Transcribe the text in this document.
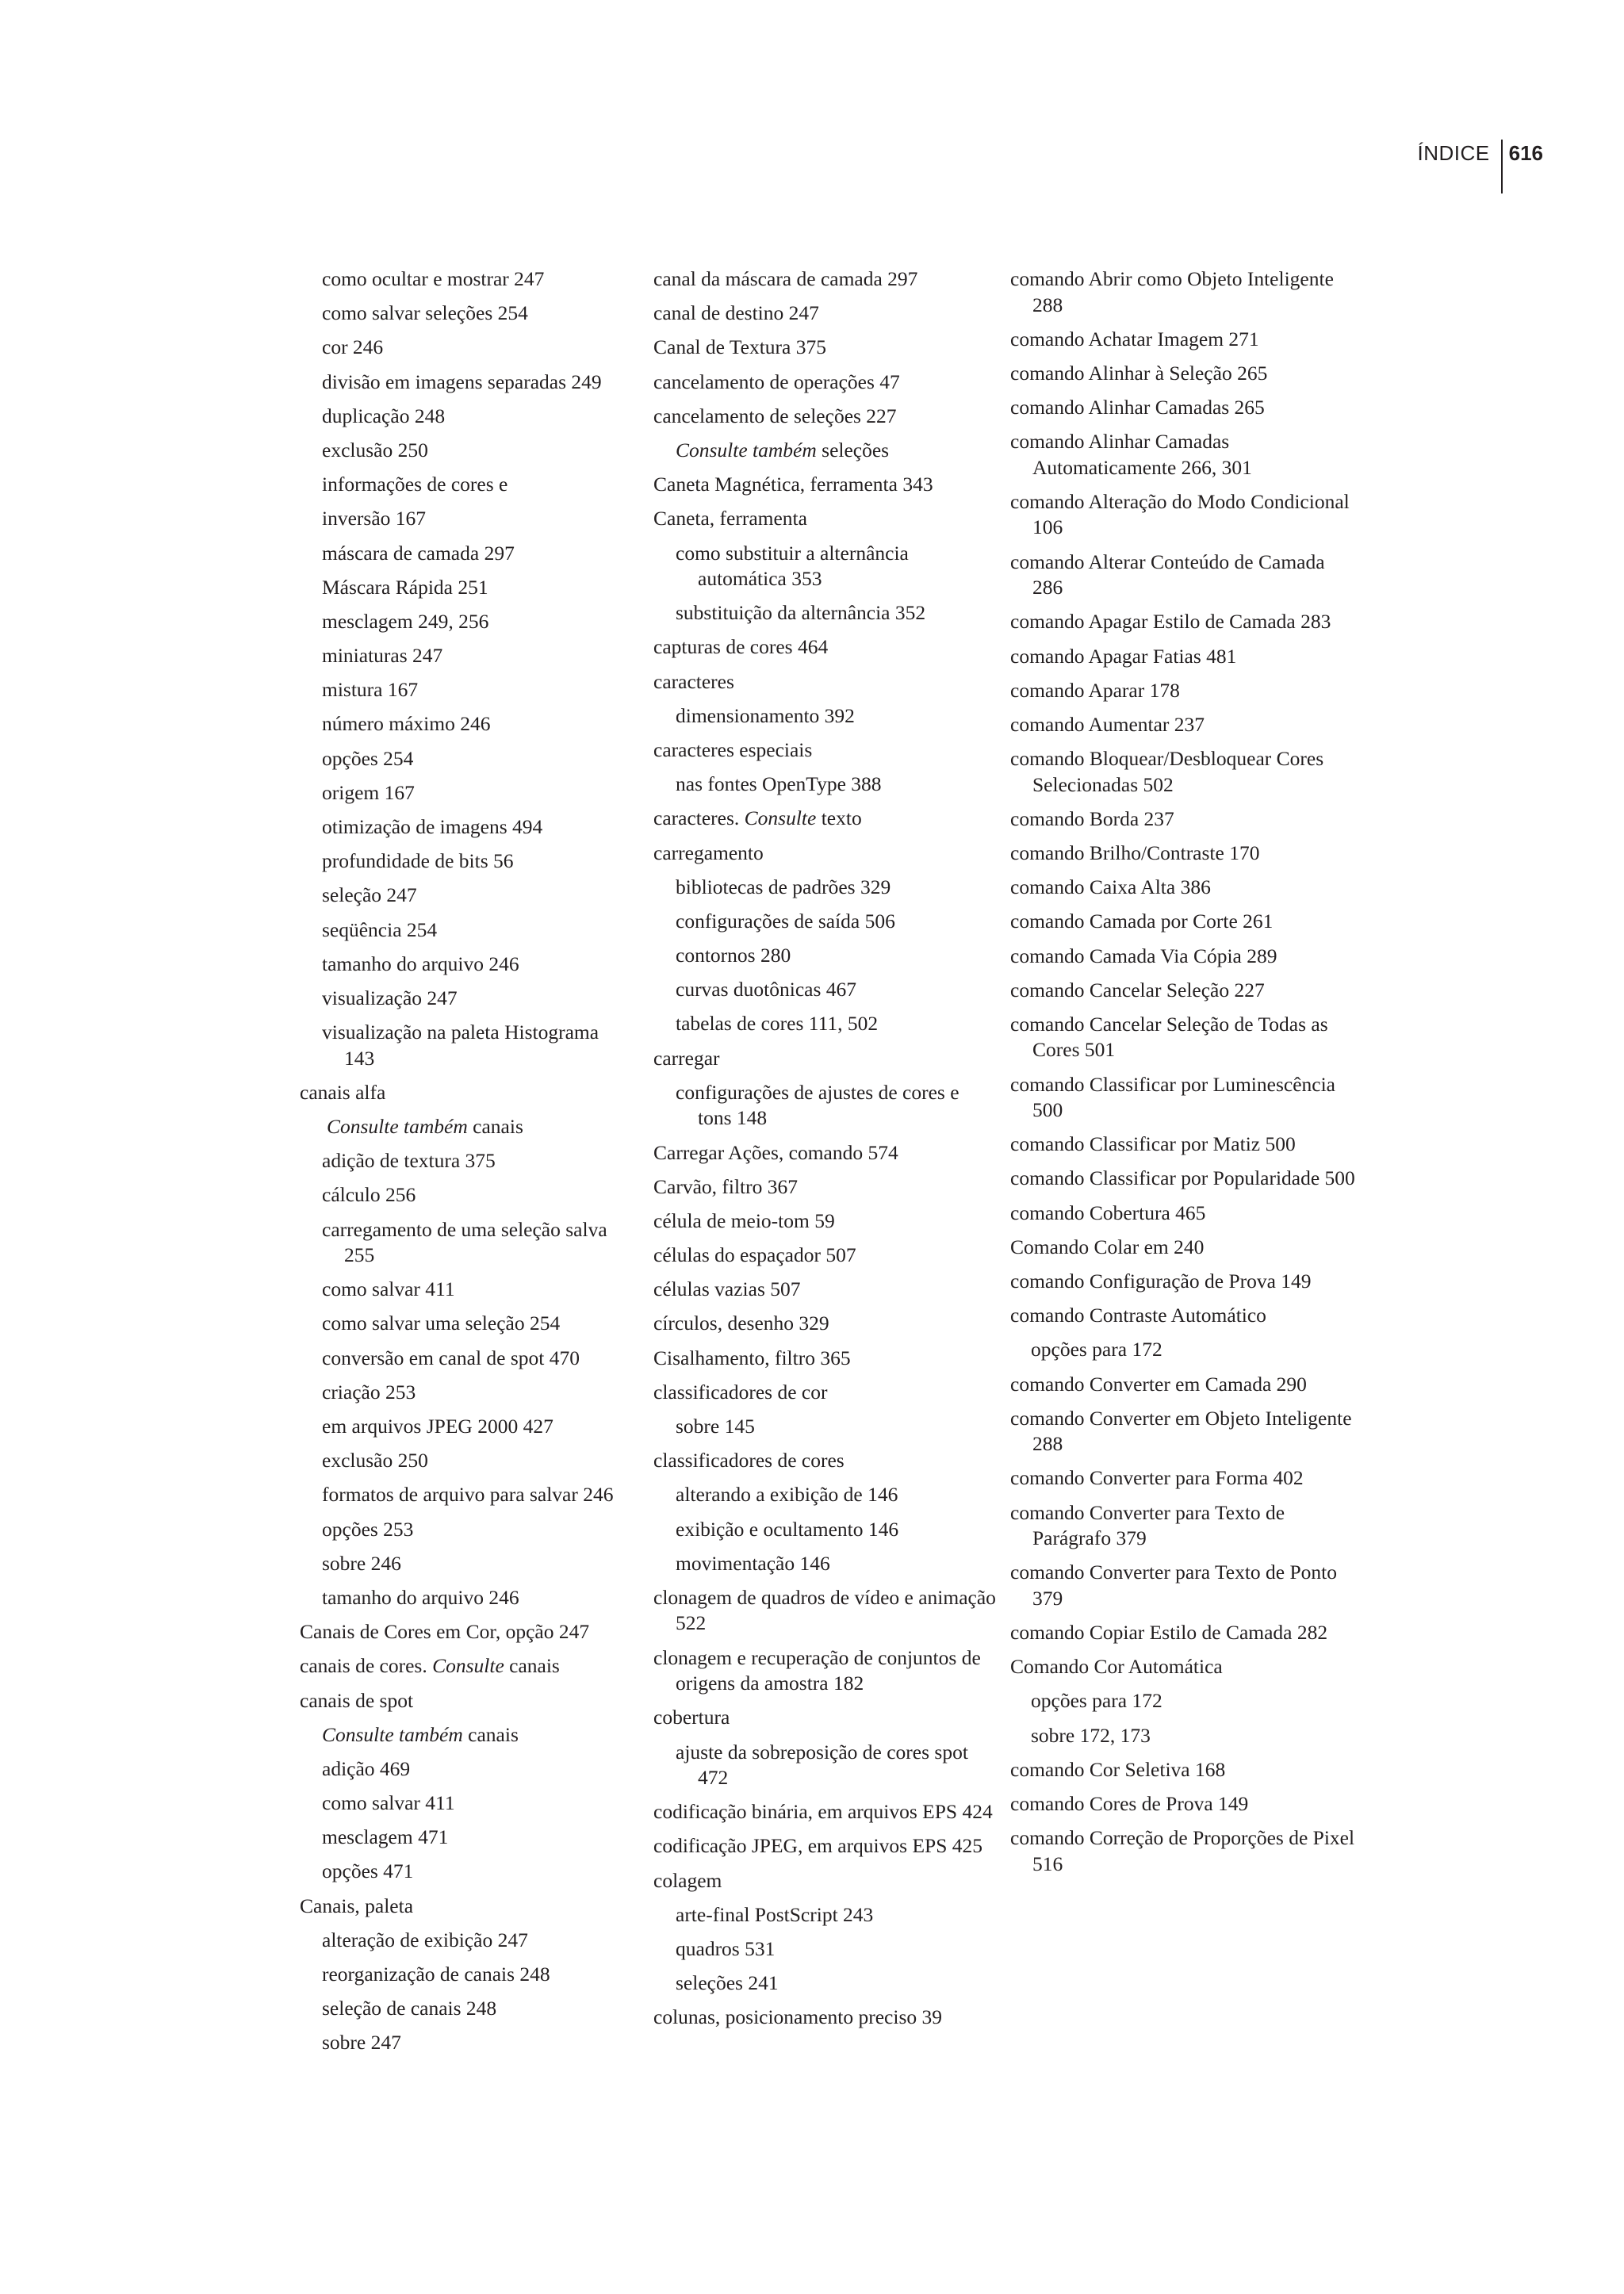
ÍNDICE 616
como ocultar e mostrar 247
como salvar seleções 254
cor 246
divisão em imagens separadas 249
duplicação 248
exclusão 250
informações de cores e
inversão 167
máscara de camada 297
Máscara Rápida 251
mesclagem 249, 256
miniaturas 247
mistura 167
número máximo 246
opções 254
origem 167
otimização de imagens 494
profundidade de bits 56
seleção 247
seqüência 254
tamanho do arquivo 246
visualização 247
visualização na paleta Histograma 143
canais alfa
Consulte também canais
adição de textura 375
cálculo 256
carregamento de uma seleção salva 255
como salvar 411
como salvar uma seleção 254
conversão em canal de spot 470
criação 253
em arquivos JPEG 2000 427
exclusão 250
formatos de arquivo para salvar 246
opções 253
sobre 246
tamanho do arquivo 246
Canais de Cores em Cor, opção 247
canais de cores. Consulte canais
canais de spot
Consulte também canais
adição 469
como salvar 411
mesclagem 471
opções 471
Canais, paleta
alteração de exibição 247
reorganização de canais 248
seleção de canais 248
sobre 247
canal da máscara de camada 297
canal de destino 247
Canal de Textura 375
cancelamento de operações 47
cancelamento de seleções 227
Consulte também seleções
Caneta Magnética, ferramenta 343
Caneta, ferramenta
como substituir a alternância automática 353
substituição da alternância 352
capturas de cores 464
caracteres
dimensionamento 392
caracteres especiais
nas fontes OpenType 388
caracteres. Consulte texto
carregamento
bibliotecas de padrões 329
configurações de saída 506
contornos 280
curvas duotônicas 467
tabelas de cores 111, 502
carregar
configurações de ajustes de cores e tons 148
Carregar Ações, comando 574
Carvão, filtro 367
célula de meio-tom 59
células do espaçador 507
células vazias 507
círculos, desenho 329
Cisalhamento, filtro 365
classificadores de cor
sobre 145
classificadores de cores
alterando a exibição de 146
exibição e ocultamento 146
movimentação 146
clonagem de quadros de vídeo e animação 522
clonagem e recuperação de conjuntos de origens da amostra 182
cobertura
ajuste da sobreposição de cores spot 472
codificação binária, em arquivos EPS 424
codificação JPEG, em arquivos EPS 425
colagem
arte-final PostScript 243
quadros 531
seleções 241
colunas, posicionamento preciso 39
comando Abrir como Objeto Inteligente 288
comando Achatar Imagem 271
comando Alinhar à Seleção 265
comando Alinhar Camadas 265
comando Alinhar Camadas Automaticamente 266, 301
comando Alteração do Modo Condicional 106
comando Alterar Conteúdo de Camada 286
comando Apagar Estilo de Camada 283
comando Apagar Fatias 481
comando Aparar 178
comando Aumentar 237
comando Bloquear/Desbloquear Cores Selecionadas 502
comando Borda 237
comando Brilho/Contraste 170
comando Caixa Alta 386
comando Camada por Corte 261
comando Camada Via Cópia 289
comando Cancelar Seleção 227
comando Cancelar Seleção de Todas as Cores 501
comando Classificar por Luminescência 500
comando Classificar por Matiz 500
comando Classificar por Popularidade 500
comando Cobertura 465
Comando Colar em 240
comando Configuração de Prova 149
comando Contraste Automático
opções para 172
comando Converter em Camada 290
comando Converter em Objeto Inteligente 288
comando Converter para Forma 402
comando Converter para Texto de Parágrafo 379
comando Converter para Texto de Ponto 379
comando Copiar Estilo de Camada 282
Comando Cor Automática
opções para 172
sobre 172, 173
comando Cor Seletiva 168
comando Cores de Prova 149
comando Correção de Proporções de Pixel 516
